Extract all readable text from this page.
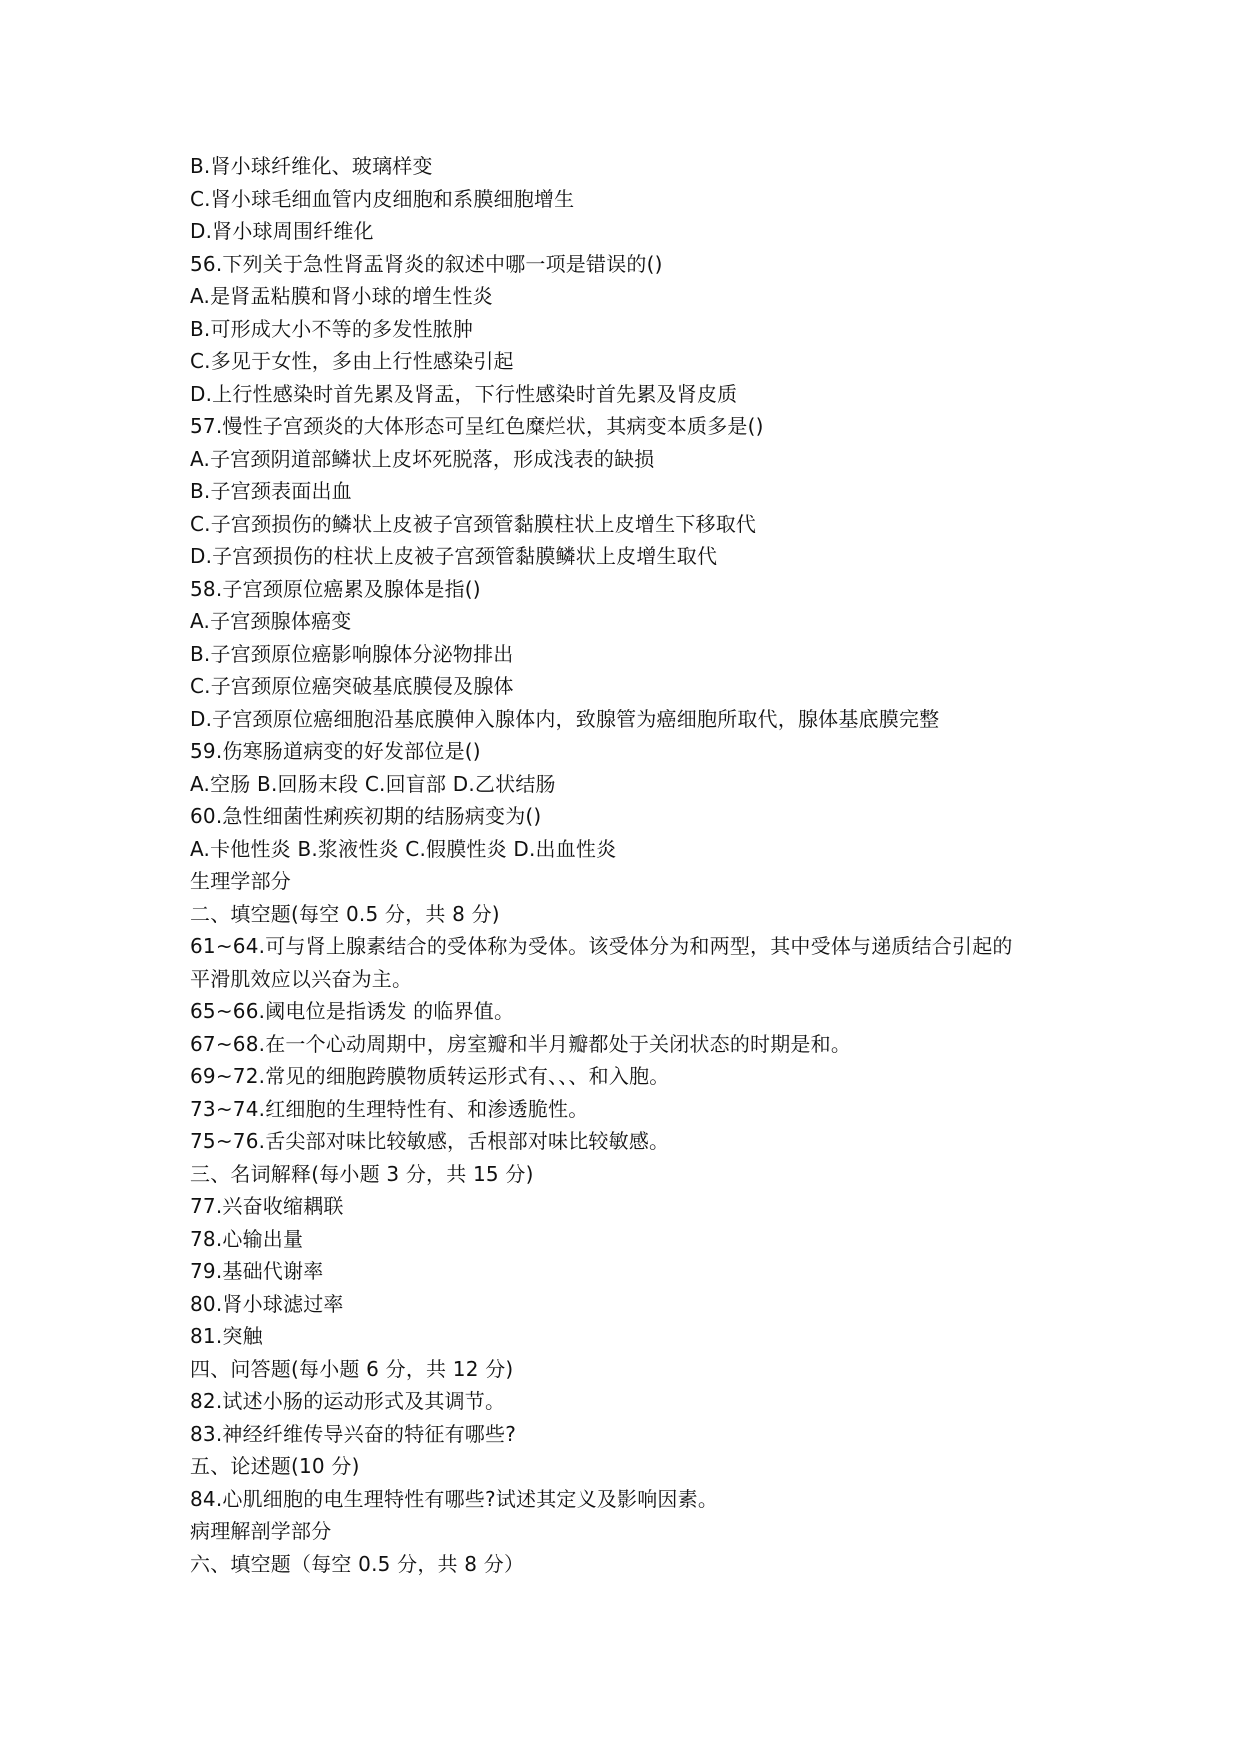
B.肾小球纤维化、玻璃样变
C.肾小球毛细血管内皮细胞和系膜细胞增生
D.肾小球周围纤维化
56.下列关于急性肾盂肾炎的叙述中哪一项是错误的()
A.是肾盂粘膜和肾小球的增生性炎
B.可形成大小不等的多发性脓肿
C.多见于女性，多由上行性感染引起
D.上行性感染时首先累及肾盂，下行性感染时首先累及肾皮质
57.慢性子宫颈炎的大体形态可呈红色糜烂状，其病变本质多是()
A.子宫颈阴道部鳞状上皮坏死脱落，形成浅表的缺损
B.子宫颈表面出血
C.子宫颈损伤的鳞状上皮被子宫颈管黏膜柱状上皮增生下移取代
D.子宫颈损伤的柱状上皮被子宫颈管黏膜鳞状上皮增生取代
58.子宫颈原位癌累及腺体是指()
A.子宫颈腺体癌变
B.子宫颈原位癌影响腺体分泌物排出
C.子宫颈原位癌突破基底膜侵及腺体
D.子宫颈原位癌细胞沿基底膜伸入腺体内，致腺管为癌细胞所取代，腺体基底膜完整
59.伤寒肠道病变的好发部位是()
A.空肠 B.回肠末段 C.回盲部 D.乙状结肠
60.急性细菌性痢疾初期的结肠病变为()
A.卡他性炎 B.浆液性炎 C.假膜性炎 D.出血性炎
生理学部分
二、填空题(每空 0.5 分，共 8 分)
61~64.可与肾上腺素结合的受体称为受体。该受体分为和两型，其中受体与递质结合引起的
平滑肌效应以兴奋为主。
65~66.阈电位是指诱发 的临界值。
67~68.在一个心动周期中，房室瓣和半月瓣都处于关闭状态的时期是和。
69~72.常见的细胞跨膜物质转运形式有、、、和入胞。
73~74.红细胞的生理特性有、和渗透脆性。
75~76.舌尖部对味比较敏感，舌根部对味比较敏感。
三、名词解释(每小题 3 分，共 15 分)
77.兴奋收缩耦联
78.心输出量
79.基础代谢率
80.肾小球滤过率
81.突触
四、问答题(每小题 6 分，共 12 分)
82.试述小肠的运动形式及其调节。
83.神经纤维传导兴奋的特征有哪些?
五、论述题(10 分)
84.心肌细胞的电生理特性有哪些?试述其定义及影响因素。
病理解剖学部分
六、填空题（每空 0.5 分，共 8 分）
